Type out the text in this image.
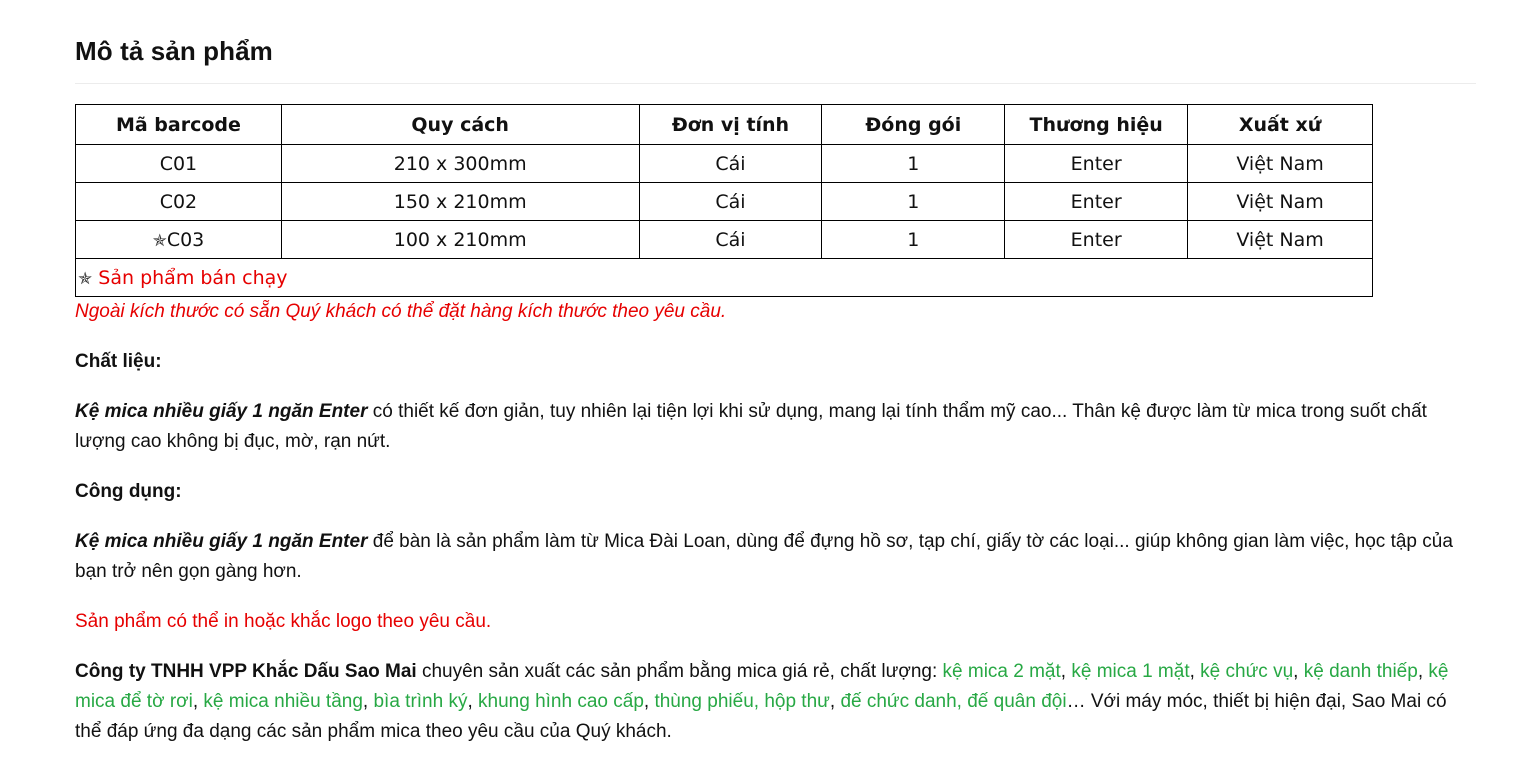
Mô tả sản phẩm
Mã barcode	Quy cách	Đơn vị tính	Đóng gói	Thương hiệu	Xuất xứ
C01	210 x 300mm	Cái	1	Enter	Việt Nam
C02	150 x 210mm	Cái	1	Enter	Việt Nam
✯C03	100 x 210mm	Cái	1	Enter	Việt Nam
✯ Sản phẩm bán chạy					

Ngoài kích thước có sẵn Quý khách có thể đặt hàng kích thước theo yêu cầu.

Chất liệu:

Kệ mica nhiều giấy 1 ngăn Enter có thiết kế đơn giản, tuy nhiên lại tiện lợi khi sử dụng, mang lại tính thẩm mỹ cao... Thân kệ được làm từ mica trong suốt chất lượng cao không bị đục, mờ, rạn nứt.

Công dụng:

Kệ mica nhiều giấy 1 ngăn Enter để bàn là sản phẩm làm từ Mica Đài Loan, dùng để đựng hồ sơ, tạp chí, giấy tờ các loại... giúp không gian làm việc, học tập của bạn trở nên gọn gàng hơn.

Sản phẩm có thể in hoặc khắc logo theo yêu cầu.

Công ty TNHH VPP Khắc Dấu Sao Mai chuyên sản xuất các sản phẩm bằng mica giá rẻ, chất lượng: kệ mica 2 mặt, kệ mica 1 mặt, kệ chức vụ, kệ danh thiếp, kệ mica để tờ rơi, kệ mica nhiều tầng, bìa trình ký, khung hình cao cấp, thùng phiếu, hộp thư, đế chức danh, đế quân đội… Với máy móc, thiết bị hiện đại, Sao Mai có thể đáp ứng đa dạng các sản phẩm mica theo yêu cầu của Quý khách.
